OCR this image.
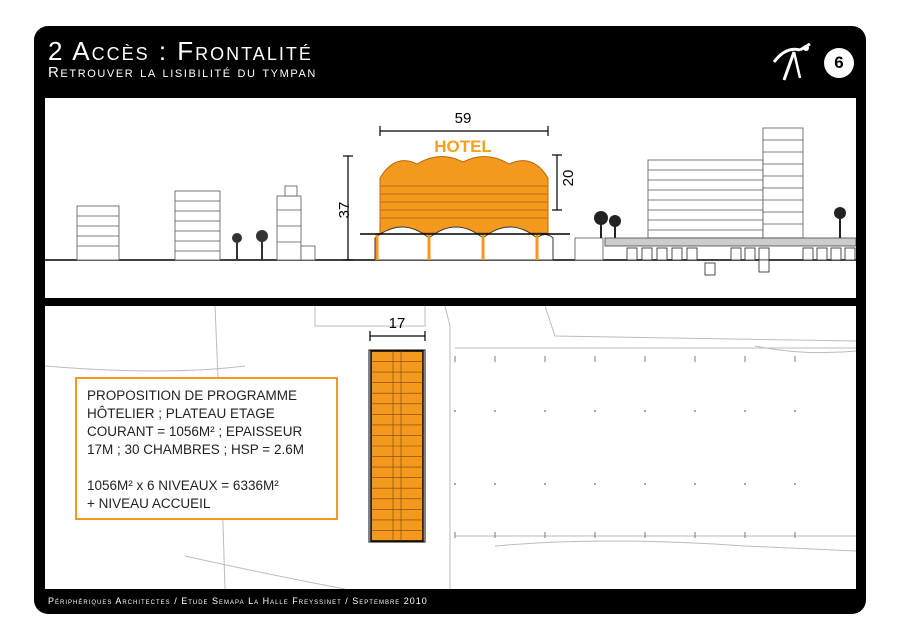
2 Accès : Frontalité
Retrouver la lisibilité du tympan
6
37
59
20
HOTEL
17

PROPOSITION DE PROGRAMME

HÔTELIER ; PLATEAU ETAGE

COURANT = 1056M² ; EPAISSEUR

17M ; 30 CHAMBRES ; HSP = 2.6M

1056M² x 6 NIVEAUX = 6336M²

+ NIVEAU ACCUEIL

Périphériques Architectes / Etude Semapa La Halle Freyssinet / Septembre 2010
